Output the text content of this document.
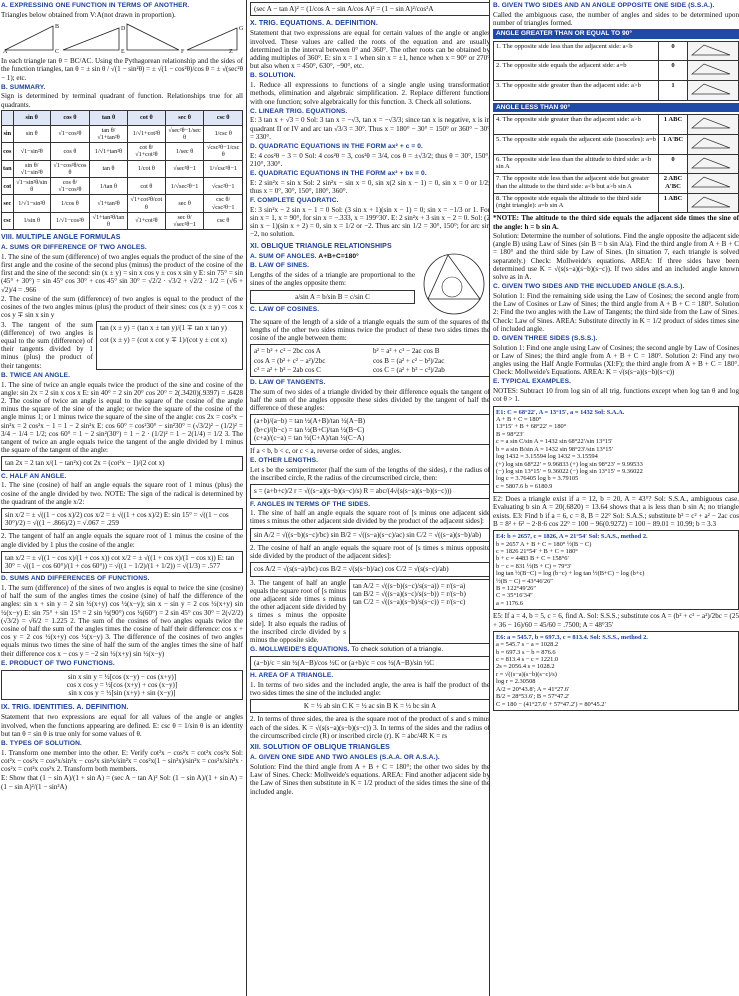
A. EXPRESSING ONE FUNCTION IN TERMS OF ANOTHER.

Triangles below obtained from V:A(not drawn in proportion).

A
B
C
D
E	F
G
Z

In each triangle tan θ = BC/AC. Using the Pythagorean relationship and the sides of the function triangles, tan θ = ± sin θ / √(1 − sin²θ) = ± √(1 − cos²θ)/cos θ = ± √(sec²θ − 1); etc.

B. SUMMARY.

Sign is determined by terminal quadrant of function. Relationships true for all quadrants.

	sin θ	cos θ	tan θ	cot θ	sec θ	csc θ
sin	sin θ	√1−cos²θ	tan θ/√1+tan²θ	1/√1+cot²θ	√sec²θ−1/sec θ	1/csc θ
cos	√1−sin²θ	cos θ	1/√1+tan²θ	cot θ/√1+cot²θ	1/sec θ	√csc²θ−1/csc θ
tan	sin θ/√1−sin²θ	√1−cos²θ/cos θ	tan θ	1/cot θ	√sec²θ−1	1/√csc²θ−1
cot	√1−sin²θ/sin θ	cos θ/√1−cos²θ	1/tan θ	cot θ	1/√sec²θ−1	√csc²θ−1
sec	1/√1−sin²θ	1/cos θ	√1+tan²θ	√1+cot²θ/cot θ	sec θ	csc θ/√csc²θ−1
csc	1/sin θ	1/√1−cos²θ	√1+tan²θ/tan θ	√1+cot²θ	sec θ/√sec²θ−1	csc θ
VIII. MULTIPLE ANGLE FORMULAS
A. SUMS OR DIFFERENCE OF TWO ANGLES.

1. The sine of the sum (difference) of two angles equals the product of the sine of the first angle and the cosine of the second plus (minus) the product of the cosine of the first and the sine of the second: sin (x ± y) = sin x cos y ± cos x sin y E: sin 75° = sin (45° + 30°) = sin 45° cos 30° + cos 45° sin 30° = √2/2 · √3/2 + √2/2 · 1/2 = (√6 + √2)/4 = .966

2. The cosine of the sum (difference) of two angles is equal to the product of the cosines of the two angles minus (plus) the product of their sines: cos (x ± y) = cos x cos y ∓ sin x sin y

3. The tangent of the sum (difference) of two angles is equal to the sum (difference) of their tangents divided by 1 minus (plus) the product of their tangents:

tan (x ± y) = (tan x ± tan y)/(1 ∓ tan x tan y)
cot (x ± y) = (cot x cot y ∓ 1)/(cot y ± cot x)
B. TWICE AN ANGLE.

1. The sine of twice an angle equals twice the product of the sine and cosine of the angle: sin 2x = 2 sin x cos x E: sin 40° = 2 sin 20° cos 20° = 2(.3420)(.9397) = .6428 2. The cosine of twice an angle is equal to the square of the cosine of the angle minus the square of the sine of the angle; or twice the square of the cosine of the angle minus 1; or 1 minus twice the square of the sine of the angle: cos 2x = cos²x − sin²x = 2 cos²x − 1 = 1 − 2 sin²x E: cos 60° = cos²30° − sin²30° = (√3/2)² − (1/2)² = 3/4 − 1/4 = 1/2; cos 60° = 1 − 2 sin²(30°) = 1 − 2 · (1/2)² = 1 − 2(1/4) = 1/2 3. The tangent of twice an angle equals twice the tangent of the angle divided by 1 minus the square of the tangent of the angle:

tan 2x = 2 tan x/(1 − tan²x) cot 2x = (cot²x − 1)/(2 cot x)
C. HALF AN ANGLE.

1. The sine (cosine) of half an angle equals the square root of 1 minus (plus) the cosine of the angle divided by two. NOTE: The sign of the radical is determined by the quadrant of the angle x/2:

sin x/2 = ± √((1 − cos x)/2) cos x/2 = ± √((1 + cos x)/2) E: sin 15° = √((1 − cos 30°)/2) = √((1 − .866)/2) = √.067 = .259

2. The tangent of half an angle equals the square root of 1 minus the cosine of the angle divided by 1 plus the cosine of the angle:

tan x/2 = ± √((1 − cos x)/(1 + cos x)) cot x/2 = ± √((1 + cos x)/(1 − cos x)) E: tan 30° = √((1 − cos 60°)/(1 + cos 60°)) = √((1 − 1/2)/(1 + 1/2)) = √(1/3) = .577
D. SUMS AND DIFFERENCES OF FUNCTIONS.

1. The sum (difference) of the sines of two angles is equal to twice the sine (cosine) of half the sum of the angles times the cosine (sine) of half the difference of the angles: sin x + sin y = 2 sin ½(x+y) cos ½(x−y); sin x − sin y = 2 cos ½(x+y) sin ½(x−y) E: sin 75° + sin 15° = 2 sin ½(90°) cos ½(60°) = 2 sin 45° cos 30° = 2(√2/2)(√3/2) = √6/2 = 1.225 2. The sum of the cosines of two angles equals twice the cosine of half the sum of the angles times the cosine of half their difference: cos x + cos y = 2 cos ½(x+y) cos ½(x−y) 3. The difference of the cosines of two angles equals minus two times the sine of half the sum of the angles times the sine of half their difference cos x − cos y = −2 sin ½(x+y) sin ½(x−y)

E. PRODUCT OF TWO FUNCTIONS.
sin x sin y = ½[cos (x−y) − cos (x+y)]
cos x cos y = ½[cos (x+y) + cos (x−y)]
sin x cos y = ½[sin (x+y) + sin (x−y)]
IX. TRIG. IDENTITIES. A. DEFINITION.

Statement that two expressions are equal for all values of the angle or angles involved, when the functions appearing are defined. E: csc θ = 1/sin θ is an identity but tan θ = sin θ is true only for some values of θ.

B. TYPES OF SOLUTION.

1. Transform one member into the other. E: Verify cot²x − cos²x = cot²x cos²x Sol: cot²x − cos²x = cos²x/sin²x − cos²x sin²x/sin²x = cos²x(1 − sin²x)/sin²x = cos²x/sin²x · cos²x = cot²x cos²x 2. Transform both members.

E: Show that (1 − sin A)/(1 + sin A) = (sec A − tan A)² Sol: (1 − sin A)/(1 + sin A) = (1 − sin A)²/(1 − sin²A)

(sec A − tan A)² = (1/cos A − sin A/cos A)² = (1 − sin A)²/cos²A
X. TRIG. EQUATIONS. A. DEFINITION.

Statement that two expressions are equal for certain values of the angle or angles involved. These values are called the roots of the equation and are usually determined in the interval between 0° and 360°. The other roots can be obtained by adding multiples of 360°. E: sin x = 1 when sin x = ±1, hence when x = 90° or 270° but also when x = 450°, 630°, −90°, etc.

B. SOLUTION.

1. Reduce all expressions to functions of a single angle using transformation methods, elimination and algebraic simplification. 2. Replace different functions with one function; solve algebraically for this function. 3. Check all solutions.

C. LINEAR TRIG. EQUATIONS.

E: 3 tan x + √3 = 0 Sol: 3 tan x = −√3, tan x = −√3/3; since tan x is negative, x is in quadrant II or IV and arc tan √3/3 = 30°. Thus x = 180° − 30° = 150° or 360° − 30° = 330°.

D. QUADRATIC EQUATIONS IN THE FORM ax² + c = 0.

E: 4 cos²θ − 3 = 0 Sol: 4 cos²θ = 3, cos²θ = 3/4, cos θ = ±√3/2; thus θ = 30°, 150°, 210°, 330°.

E. QUADRATIC EQUATIONS IN THE FORM ax² + bx = 0.

E: 2 sin²x = sin x Sol: 2 sin²x − sin x = 0, sin x(2 sin x − 1) = 0, sin x = 0 or 1/2; thus x = 0°, 30°, 150°, 180°, 360°.

F. COMPLETE QUADRATIC.

E: 3 sin²x − 2 sin x − 1 = 0 Sol: (3 sin x + 1)(sin x − 1) = 0; sin x = −1/3 or 1. For sin x = 1, x = 90°, for sin x = −.333, x = 199°30′. E: 2 sin²x + 3 sin x − 2 = 0. Sol: (2 sin x − 1)(sin x + 2) = 0, sin x = 1/2 or −2. Thus arc sin 1/2 = 30°, 150°; for arc sin −2, no solution.

XI. OBLIQUE TRIANGLE RELATIONSHIPS
A. SUM OF ANGLES. A+B+C=180°
B. LAW OF SINES.

Lengths of the sides of a triangle are proportional to the sines of the angles opposite them:

a/sin A = b/sin B = c/sin C
C. LAW OF COSINES.

The square of the length of a side of a triangle equals the sum of the squares of the lengths of the other two sides minus twice the product of these two sides times the cosine of the angle between them:

a² = b² + c² − 2bc cos A	b² = a² + c² − 2ac cos B
cos A = (b² + c² − a²)/2bc	cos B = (a² + c² − b²)/2ac
c² = a² + b² − 2ab cos C	cos C = (a² + b² − c²)/2ab
D. LAW OF TANGENTS.

The sum of two sides of a triangle divided by their difference equals the tangent of half the sum of the angles opposite these sides divided by the tangent of half the difference of these angles:

(a+b)/(a−b) = tan ½(A+B)/tan ½(A−B)
(b+c)/(b−c) = tan ½(B+C)/tan ½(B−C)
(c+a)/(c−a) = tan ½(C+A)/tan ½(C−A)

If a < b, b < c, or c < a, reverse order of sides, angles.

E. OTHER LENGTHS.

Let s be the semiperimeter (half the sum of the lengths of the sides), r the radius of the inscribed circle, R the radius of the circumscribed circle, then:

s = (a+b+c)/2 r = √((s−a)(s−b)(s−c)/s) R = abc/(4√(s(s−a)(s−b)(s−c)))
F. ANGLES IN TERMS OF THE SIDES.

1. The sine of half an angle equals the square root of [s minus one adjacent side times s minus the other adjacent side divided by the product of the adjacent sides]:

sin A/2 = √((s−b)(s−c)/bc) sin B/2 = √((s−a)(s−c)/ac) sin C/2 = √((s−a)(s−b)/ab)

2. The cosine of half an angle equals the square root of [s times s minus opposite side divided by the product of the adjacent sides]:

cos A/2 = √(s(s−a)/bc) cos B/2 = √(s(s−b)/ac) cos C/2 = √(s(s−c)/ab)

3. The tangent of half an angle equals the square root of [s minus one adjacent side times s minus the other adjacent side divided by s times s minus the opposite side]. It also equals the radius of the inscribed circle divided by s minus the opposite side.

tan A/2 = √((s−b)(s−c)/s(s−a)) = r/(s−a)
tan B/2 = √((s−a)(s−c)/s(s−b)) = r/(s−b)
tan C/2 = √((s−a)(s−b)/s(s−c)) = r/(s−c)
G. MOLLWEIDE'S EQUATIONS. To check solution of a triangle.
(a−b)/c = sin ½(A−B)/cos ½C or (a+b)/c = cos ½(A−B)/sin ½C
H. AREA OF A TRIANGLE.

1. In terms of two sides and the included angle, the area is half the product of the two sides times the sine of the included angle:

K = ½ ab sin C K = ½ ac sin B K = ½ bc sin A

2. In terms of three sides, the area is the square root of the product of s and s minus each of the sides. K = √(s(s−a)(s−b)(s−c)) 3. In terms of the sides and the radius of the circumscribed circle (R) or inscribed circle (r). K = abc/4R K = rs

XII. SOLUTION OF OBLIQUE TRIANGLES
A. GIVEN ONE SIDE AND TWO ANGLES (S.A.A. OR A.S.A.).

Solution: Find the third angle from A + B + C = 180°; the other two sides by the Law of Sines. Check: Mollweide's equations. AREA: Find another adjacent side by the Law of Sines then substitute in K = 1/2 product of the sides times the sine of the included angle.

B. GIVEN TWO SIDES AND AN ANGLE OPPOSITE ONE SIDE (S.S.A.).

Called the ambiguous case, the number of angles and sides to be determined upon number of triangles formed.

ANGLE GREATER THAN OR EQUAL TO 90°
1. The opposite side less than the adjacent side: a<b	0	
2. The opposite side equals the adjacent side: a=b	0	
3. The opposite side greater than the adjacent side: a>b	1	
ANGLE LESS THAN 90°
4. The opposite side greater than the adjacent side: a>b	1 ABC	
5. The opposite side equals the adjacent side (isosceles): a=b	1 A'BC	
6. The opposite side less than the altitude to third side: a<b sin A	0	
7. The opposite side less than the adjacent side but greater than the altitude to the third side: a<b but a>b sin A	2 ABC A'BC	
8. The opposite side equals the altitude to the third side (right triangle): a=b sin A	1 ABC	

*NOTE: The altitude to the third side equals the adjacent side times the sine of the angle: h = b sin A.

Solution: Determine the number of solutions. Find the angle opposite the adjacent side (angle B) using Law of Sines (sin B = b sin A/a). Find the third angle from A + B + C = 180° and the third side by Law of Sines. (In situation 7, each triangle is solved separately.) Check: Mollweide's equations. AREA: If three sides have been determined use K = √(s(s−a)(s−b)(s−c)). If two sides and an included angle known solve as in A.

C. GIVEN TWO SIDES AND THE INCLUDED ANGLE (S.A.S.).

Solution 1: Find the remaining side using the Law of Cosines; the second angle from the Law of Cosines or Law of Sines; the third angle from A + B + C = 180°. Solution 2: Find the two angles with the Law of Tangents; the third side from the Law of Sines. Check: Law of Sines. AREA: Substitute directly in K = 1/2 product of sides times sine of included angle.

D. GIVEN THREE SIDES (S.S.S.).

Solution 1: Find one angle using Law of Cosines; the second angle by Law of Cosines or Law of Sines; the third angle from A + B + C = 180°. Solution 2: Find any two angles using the Half Angle Formulas (XI:F); the third angle from A + B + C = 180°. Check: Mollweide's Equations. AREA: K = √(s(s−a)(s−b)(s−c))

E. TYPICAL EXAMPLES.

NOTES: Subtract 10 from log sin of all trig. functions except when log tan θ and log cot θ > 1.

E1: C = 68°22′, A = 13°15′, a = 1432 Sol: S.A.A.
A + B + C = 180°
13°15′ + B + 68°22′ = 180°
B = 98°23′
c = a sin C/sin A = 1432 sin 68°22′/sin 13°15′
b = a sin B/sin A = 1432 sin 98°23′/sin 13°15′
log 1432 = 3.15594 log 1432 = 3.15594
(+) log sin 68°22′ = 9.96833 (+) log sin 98°23′ = 9.99533
(−) log sin 13°15′ = 9.36022 (−) log sin 13°15′ = 9.36022
log c = 3.76405 log b = 3.79105
c = 5807.6 b = 6180.9

E2: Does a triangle exist if a = 12, b = 20, A = 43°? Sol: S.S.A., ambiguous case. Evaluating b sin A = 20(.6820) = 13.64 shows that a is less than b sin A; no triangle exists. E3: Find b if a = 6, c = 8, B = 22° Sol: S.A.S.; substitute b² = c² + a² − 2ac cos B = 8² + 6² − 2·8·6 cos 22° = 100 − 96(0.9272) = 100 − 89.01 = 10.99; b = 3.3

E4: b = 2657, c = 1826, A = 21°54′ Sol: S.A.S., method 2.
b = 2657 A + B + C = 180° ½(B − C)
c = 1826 21°54′ + B + C = 180°
b + c = 4483 B + C = 158°6′
b − c = 831 ½(B + C) = 79°3′
log tan ½(B−C) = log (b−c) + log tan ½(B+C) − log (b+c)
½(B − C) = 43°46′26″
B = 122°49′26″
C = 35°16′34″
a = 1176.6

E5: If a = 4, b = 5, c = 6, find A. Sol: S.S.S.; substitute cos A = (b² + c² − a²)/2bc = (25 + 36 − 16)/60 = 45/60 = .7500; A = 48°35′

E6: a = 545.7, b = 697.3, c = 813.4. Sol: S.S.S., method 2.
a = 545.7 s − a = 1028.2
b = 697.3 s − b = 876.6
c = 813.4 s − c = 1221.0
2s = 2056.4 s = 1028.2
r = √((s−a)(s−b)(s−c)/s)
log r = 2.30508
A/2 = 20°43.8′; A = 41°27.6′
B/2 = 28°53.6′; B = 57°47.2′
C = 180 − (41°27.6′ + 57°47.2′) = 80°45.2′
